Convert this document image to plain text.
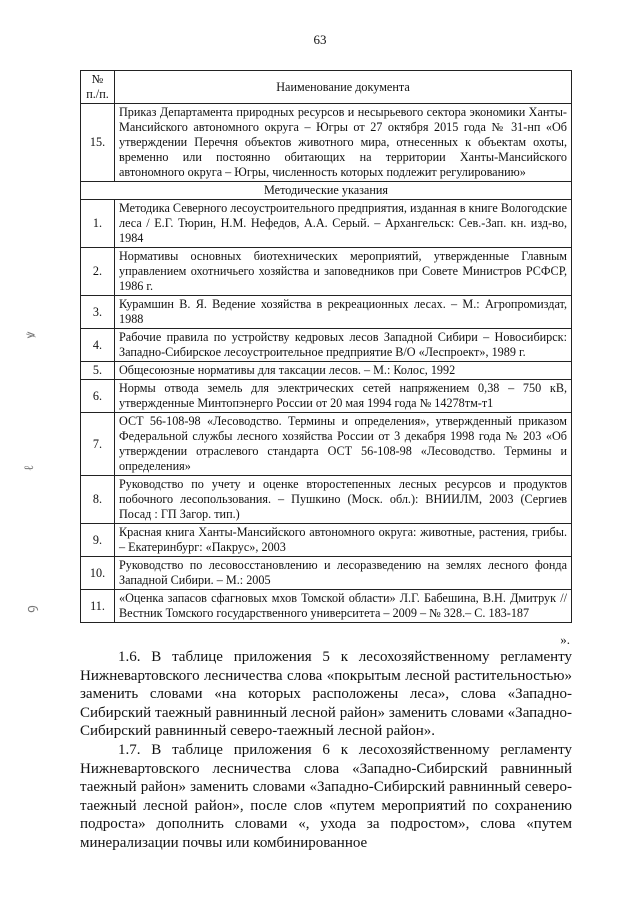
63
№ п./п.	Наименование документа
15.	Приказ Департамента природных ресурсов и несырьевого сектора экономики Ханты-Мансийского автономного округа – Югры от 27 октября 2015 года № 31-нп «Об утверждении Перечня объектов животного мира, отнесенных к объектам охоты, временно или постоянно обитающих на территории Ханты-Мансийского автономного округа – Югры, численность которых подлежит регулированию»
Методические указания	
1.	Методика Северного лесоустроительного предприятия, изданная в книге Вологодские леса / Е.Г. Тюрин, Н.М. Нефедов, А.А. Серый. – Архангельск: Сев.-Зап. кн. изд-во, 1984
2.	Нормативы основных биотехнических мероприятий, утвержденные Главным управлением охотничьего хозяйства и заповедников при Совете Министров РСФСР, 1986 г.
3.	Курамшин В. Я. Ведение хозяйства в рекреационных лесах. – М.: Агропромиздат, 1988
4.	Рабочие правила по устройству кедровых лесов Западной Сибири – Новосибирск: Западно-Сибирское лесоустроительное предприятие В/О «Леспроект», 1989 г.
5.	Общесоюзные нормативы для таксации лесов. – М.: Колос, 1992
6.	Нормы отвода земель для электрических сетей напряжением 0,38 – 750 кВ, утвержденные Минтопэнерго России от 20 мая 1994 года № 14278тм-т1
7.	ОСТ 56-108-98 «Лесоводство. Термины и определения», утвержденный приказом Федеральной службы лесного хозяйства России от 3 декабря 1998 года № 203 «Об утверждении отраслевого стандарта ОСТ 56-108-98 «Лесоводство. Термины и определения»
8.	Руководство по учету и оценке второстепенных лесных ресурсов и продуктов побочного лесопользования. – Пушкино (Моск. обл.): ВНИИЛМ, 2003 (Сергиев Посад : ГП Загор. тип.)
9.	Красная книга Ханты-Мансийского автономного округа: животные, растения, грибы. – Екатеринбург: «Пакрус», 2003
10.	Руководство по лесовосстановлению и лесоразведению на землях лесного фонда Западной Сибири. – М.: 2005
11.	«Оценка запасов сфагновых мхов Томской области» Л.Г. Бабешина, В.Н. Дмитрук // Вестник Томского государственного университета – 2009 – № 328.– С. 183-187
».

1.6. В таблице приложения 5 к лесохозяйственному регламенту Нижневартовского лесничества слова «покрытым лесной растительностью» заменить словами «на которых расположены леса», слова «Западно-Сибирский таежный равнинный лесной район» заменить словами «Западно-Сибирский равнинный северо-таежный лесной район».

1.7. В таблице приложения 6 к лесохозяйственному регламенту Нижневартовского лесничества слова «Западно-Сибирский равнинный таежный район» заменить словами «Западно-Сибирский равнинный северо-таежный лесной район», после слов «путем мероприятий по сохранению подроста» дополнить словами «, ухода за подростом», слова «путем минерализации почвы или комбинированное

ꝟ
ℓ
ꝯ
